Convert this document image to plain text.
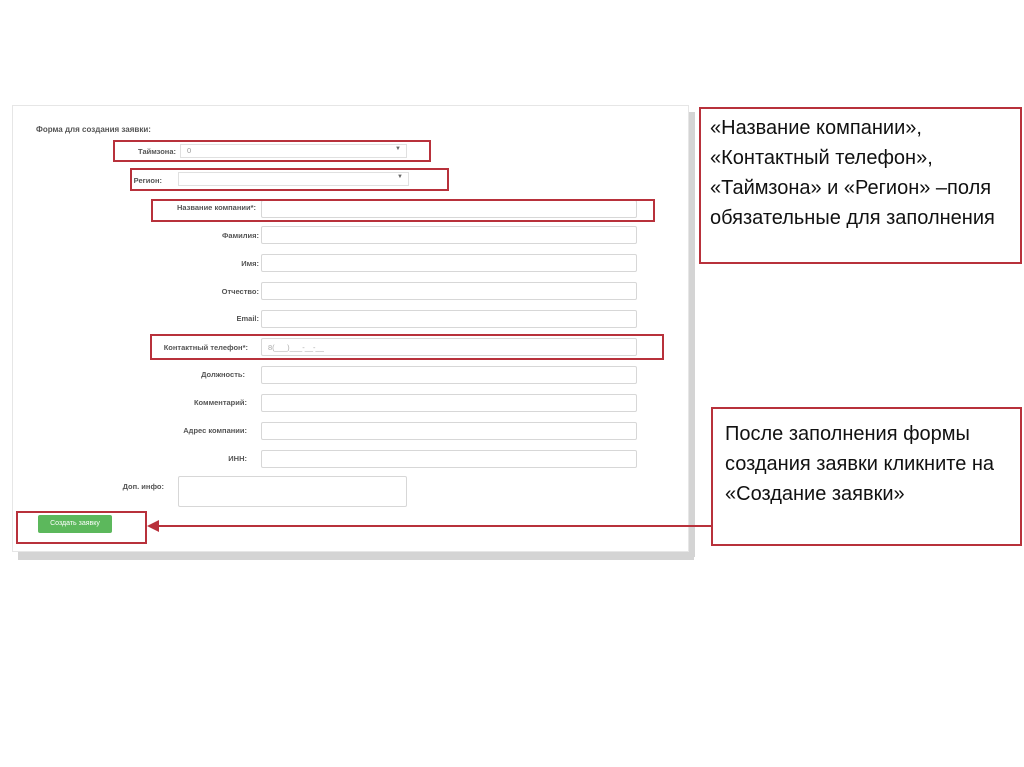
Форма для создания заявки:
Таймзона:	0	▼
Регион:	▼
Название компании*:
Фамилия:
Имя:
Отчество:
Email:
Контактный телефон*:
8(___)___-__-__
Должность:
Комментарий:
Адрес компании:
ИНН:
Доп. инфо:
Создать заявку
«Название компании», «Контактный телефон», «Таймзона» и «Регион» –поля обязательные для заполнения
После заполнения формы создания заявки кликните на «Создание заявки»
